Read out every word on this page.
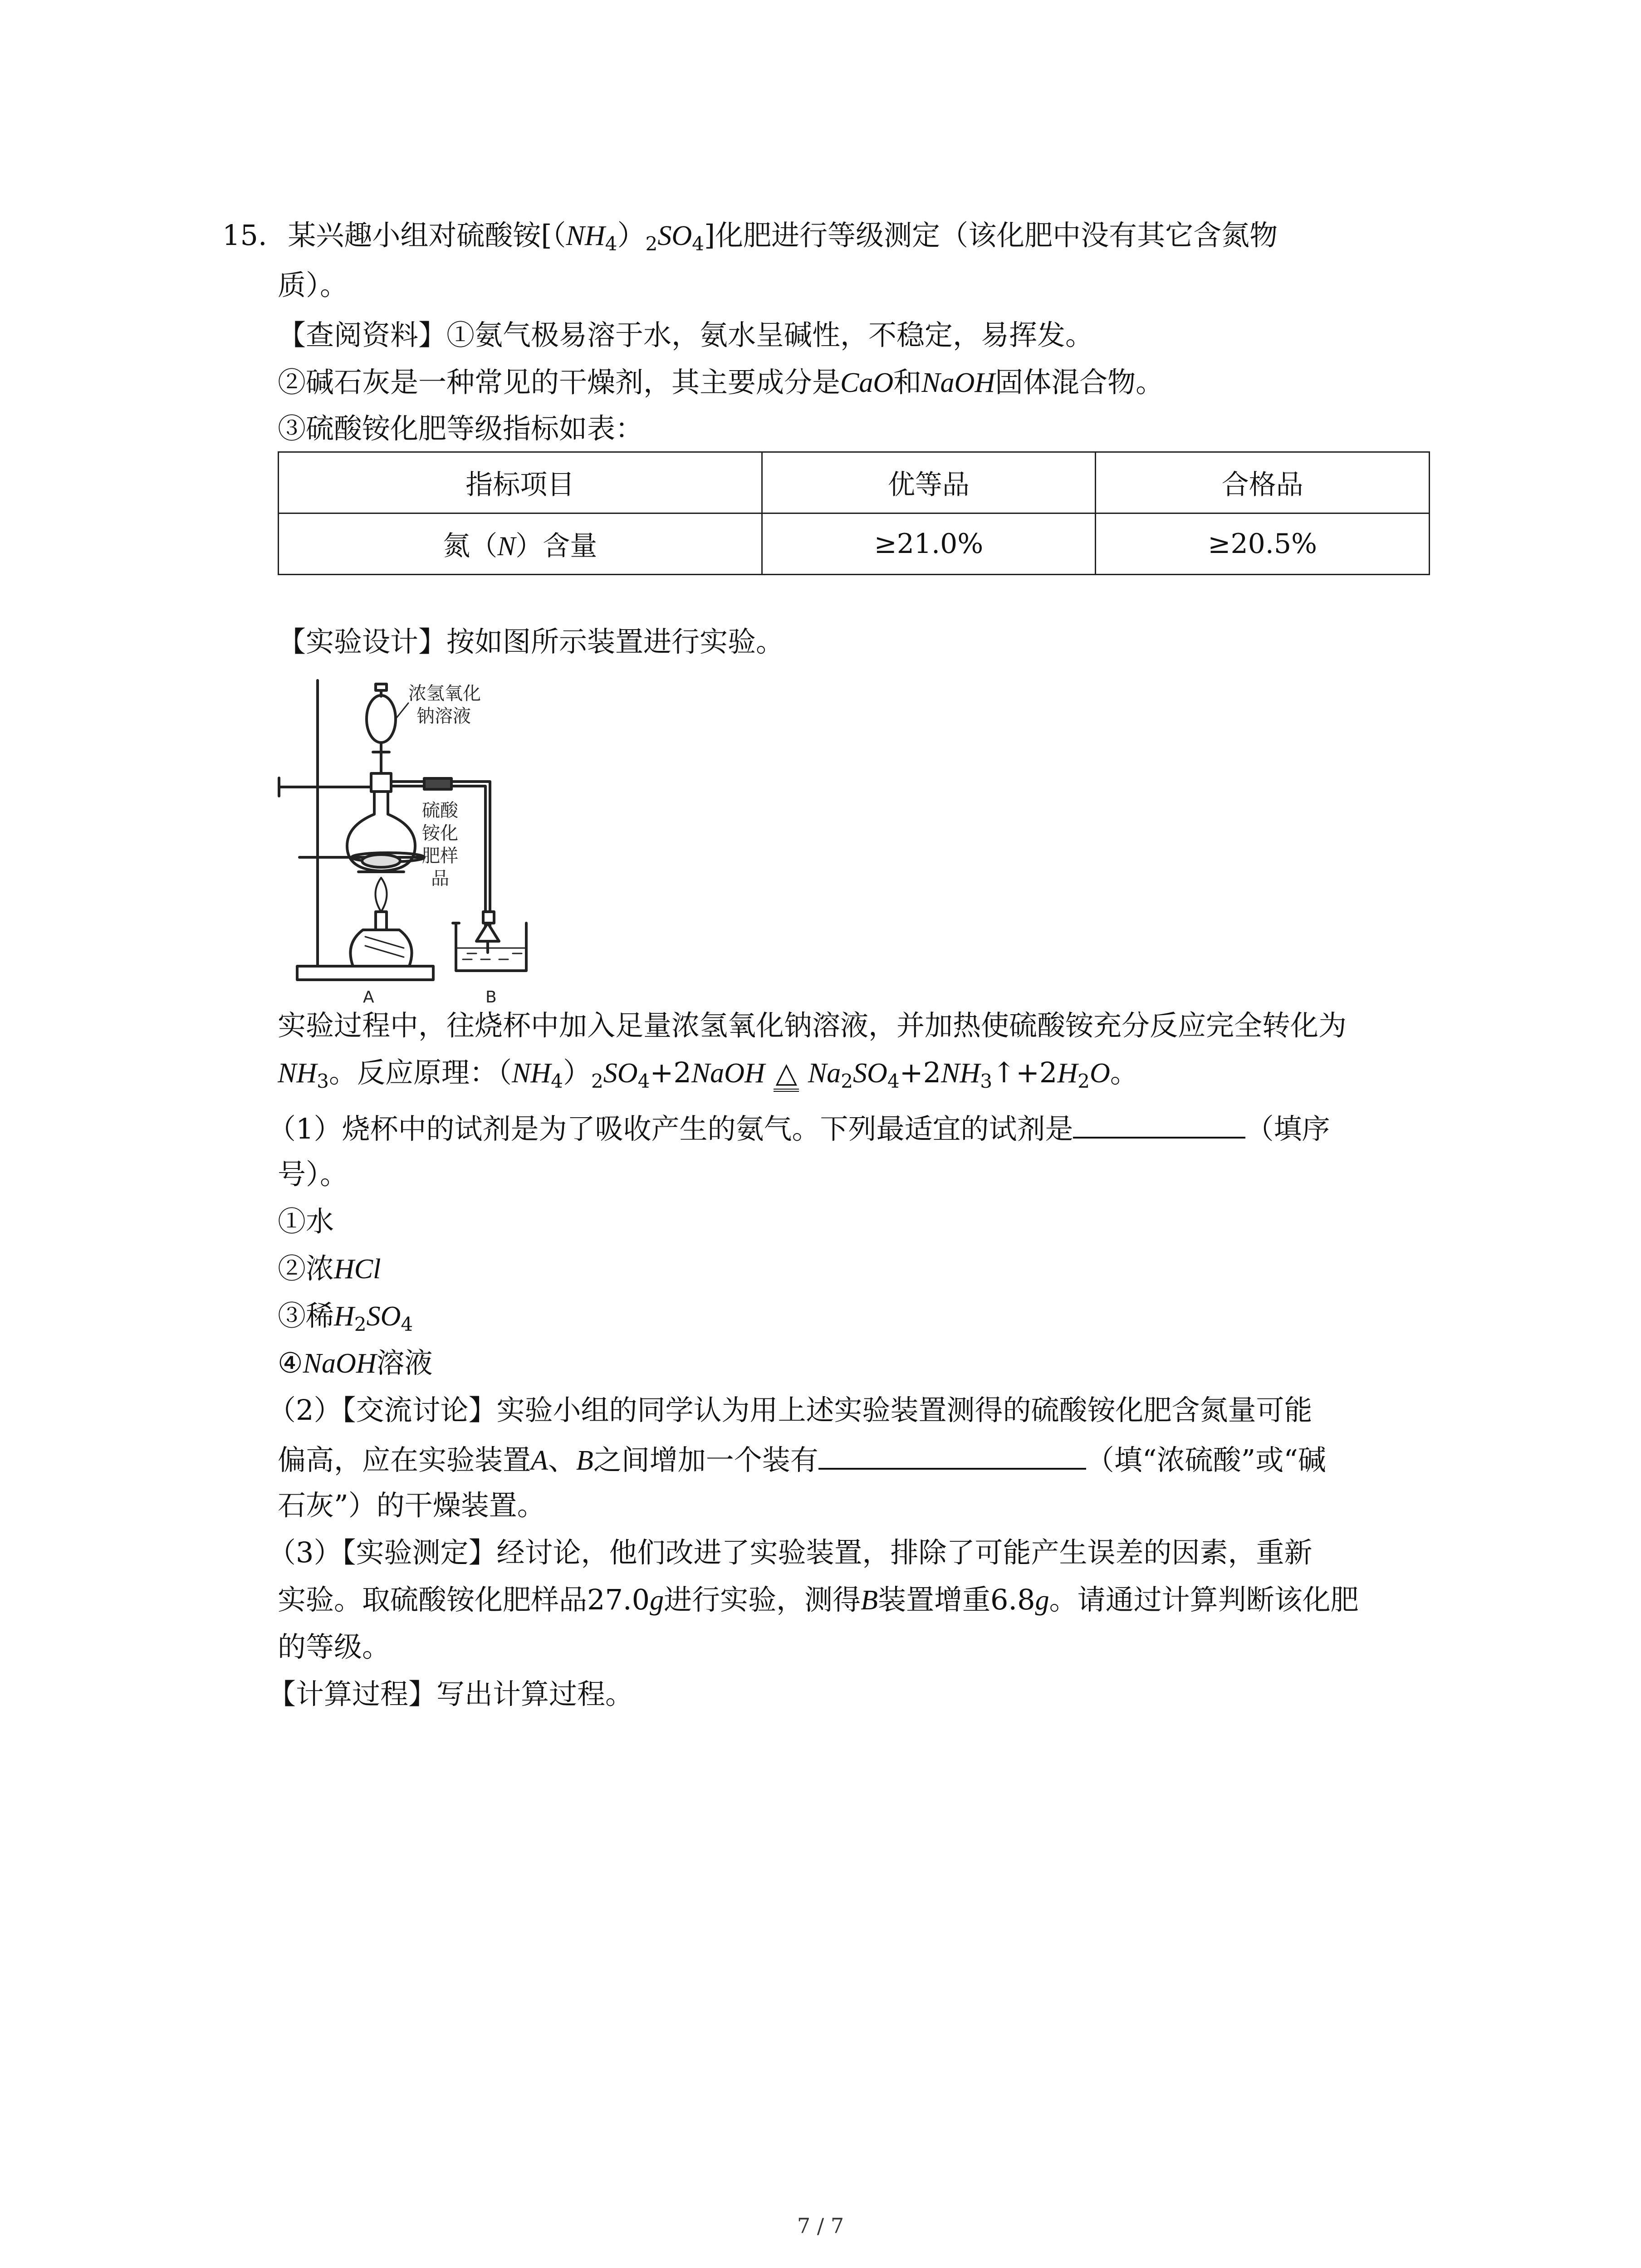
15. 某兴趣小组对硫酸铵$[(NH_4)_2SO_4]$化肥进行等级测定（该化肥中没有其它含氮物
质）。
【查阅资料】①氨气极易溶于水，氨水呈碱性，不稳定，易挥发。
②碱石灰是一种常见的干燥剂，其主要成分是CaO和NaOH固体混合物。
③硫酸铵化肥等级指标如表：
指标项目	优等品	合格品
氮（N）含量	≥21.0%	≥20.5%
【实验设计】按如图所示装置进行实验。
浓氢氧化
钠溶液
硫酸
铵化
肥样
品
A	B
实验过程中，往烧杯中加入足量浓氢氧化钠溶液，并加热使硫酸铵充分反应完全转化为
$NH_3$。反应原理：$(NH_4)_2SO_4+2NaOH$ △ $Na_2SO_4+2NH_3↑+2H_2O$。
（1）烧杯中的试剂是为了吸收产生的氨气。下列最适宜的试剂是	（填序
号）。
①水
②浓HCl
③稀$H_2SO_4$
④NaOH溶液
（2）【交流讨论】实验小组的同学认为用上述实验装置测得的硫酸铵化肥含氮量可能
偏高，应在实验装置A、B之间增加一个装有	（填“浓硫酸”或“碱
石灰”）的干燥装置。
（3）【实验测定】经讨论，他们改进了实验装置，排除了可能产生误差的因素，重新
实验。取硫酸铵化肥样品27.0g进行实验，测得B装置增重6.8g。请通过计算判断该化肥
的等级。
【计算过程】写出计算过程。
7 / 7
